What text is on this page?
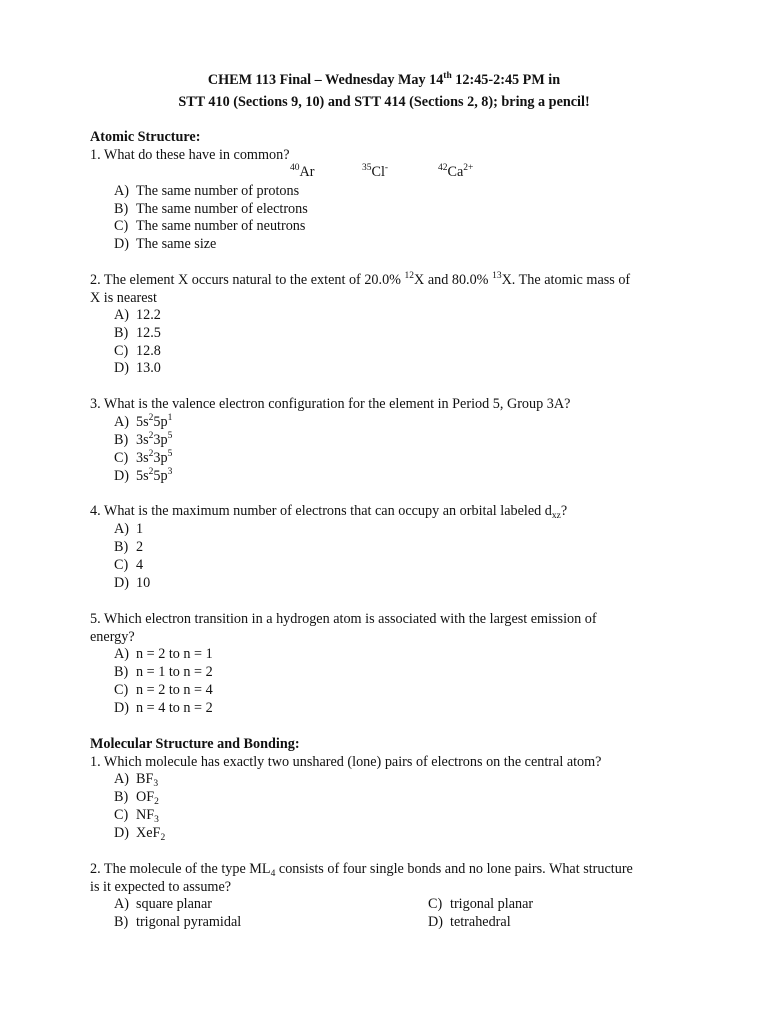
CHEM 113 Final – Wednesday May 14th 12:45-2:45 PM in
STT 410 (Sections 9, 10) and STT 414 (Sections 2, 8); bring a pencil!
Atomic Structure:
1. What do these have in common?
$^{40}$Ar	$^{35}$Cl-	$^{42}Ca^{2+}$
A) The same number of protons
B) The same number of electrons
C) The same number of neutrons
D) The same size
2. The element X occurs natural to the extent of 20.0% $^{12}$X and 80.0% $^{13}$X. The atomic mass of
X is nearest
A) 12.2
B) 12.5
C) 12.8
D) 13.0
3. What is the valence electron configuration for the element in Period 5, Group 3A?
A) $5s^25p^1$
B) $3s^23p^5$
C) $3s^23p^5$
D) $5s^25p^3$
4. What is the maximum number of electrons that can occupy an orbital labeled $d_{xz}$?
A) 1
B) 2
C) 4
D) 10
5. Which electron transition in a hydrogen atom is associated with the largest emission of
energy?
A) n = 2 to n = 1
B) n = 1 to n = 2
C) n = 2 to n = 4
D) n = 4 to n = 2
Molecular Structure and Bonding:
1. Which molecule has exactly two unshared (lone) pairs of electrons on the central atom?
A) $BF_3$
B) $OF_2$
C) $NF_3$
D) XeF$_2$
2. The molecule of the type $ML_4$ consists of four single bonds and no lone pairs. What structure
is it expected to assume?
A) square planar
B) trigonal pyramidal
C) trigonal planar
D) tetrahedral
